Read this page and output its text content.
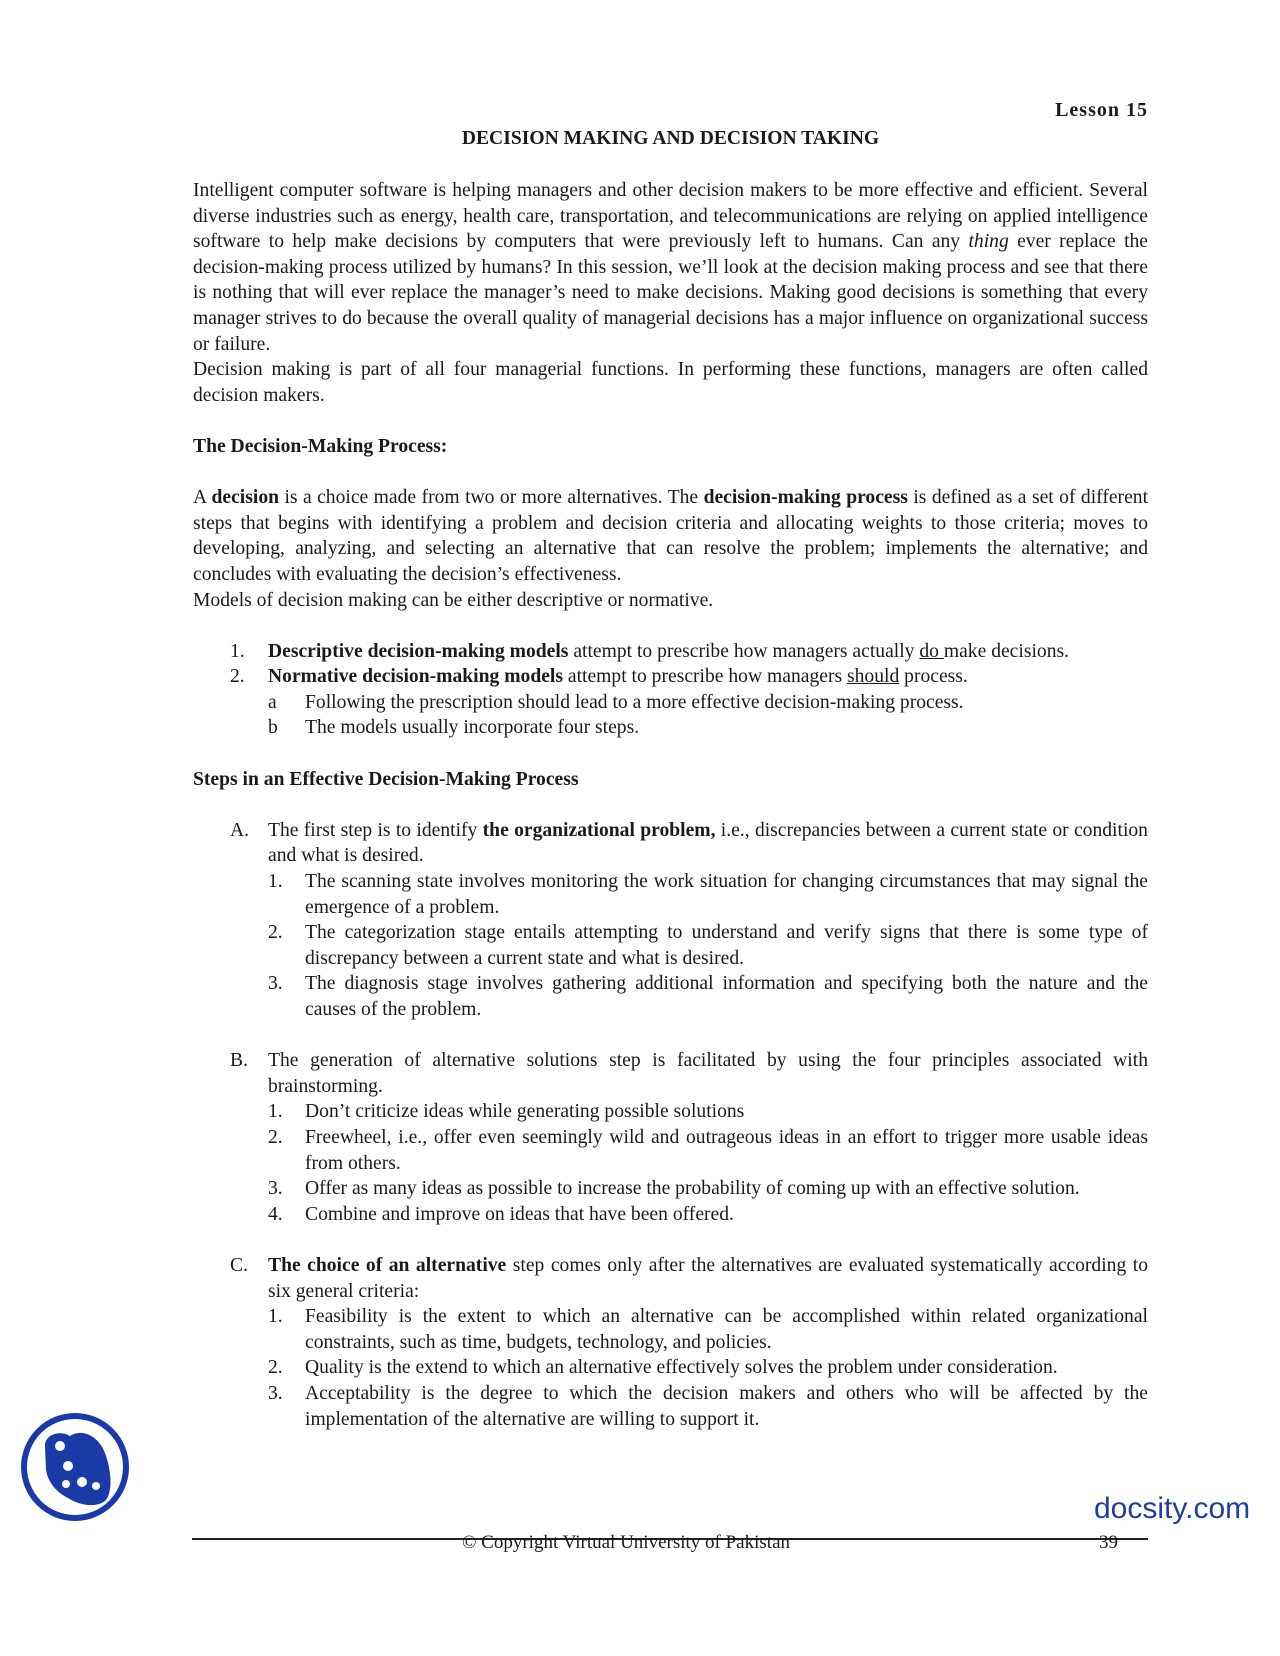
Lesson 15
DECISION MAKING AND DECISION TAKING

Intelligent computer software is helping managers and other decision makers to be more effective and efficient. Several diverse industries such as energy, health care, transportation, and telecommunications are relying on applied intelligence software to help make decisions by computers that were previously left to humans. Can any thing ever replace the decision-making process utilized by humans? In this session, we’ll look at the decision making process and see that there is nothing that will ever replace the manager’s need to make decisions. Making good decisions is something that every manager strives to do because the overall quality of managerial decisions has a major influence on organizational success or failure.

Decision making is part of all four managerial functions. In performing these functions, managers are often called decision makers.

The Decision-Making Process:

A decision is a choice made from two or more alternatives. The decision-making process is defined as a set of different steps that begins with identifying a problem and decision criteria and allocating weights to those criteria; moves to developing, analyzing, and selecting an alternative that can resolve the problem; implements the alternative; and concludes with evaluating the decision’s effectiveness.

Models of decision making can be either descriptive or normative.

1. Descriptive decision-making models attempt to prescribe how managers actually do make decisions.
2. Normative decision-making models attempt to prescribe how managers should process.
a Following the prescription should lead to a more effective decision-making process.
b The models usually incorporate four steps.
Steps in an Effective Decision-Making Process
A. The first step is to identify the organizational problem, i.e., discrepancies between a current state or condition and what is desired.
1. The scanning state involves monitoring the work situation for changing circumstances that may signal the emergence of a problem.
2. The categorization stage entails attempting to understand and verify signs that there is some type of discrepancy between a current state and what is desired.
3. The diagnosis stage involves gathering additional information and specifying both the nature and the causes of the problem.
B. The generation of alternative solutions step is facilitated by using the four principles associated with brainstorming.
1. Don’t criticize ideas while generating possible solutions
2. Freewheel, i.e., offer even seemingly wild and outrageous ideas in an effort to trigger more usable ideas from others.
3. Offer as many ideas as possible to increase the probability of coming up with an effective solution.
4. Combine and improve on ideas that have been offered.
C. The choice of an alternative step comes only after the alternatives are evaluated systematically according to six general criteria:
1. Feasibility is the extent to which an alternative can be accomplished within related organizational constraints, such as time, budgets, technology, and policies.
2. Quality is the extend to which an alternative effectively solves the problem under consideration.
3. Acceptability is the degree to which the decision makers and others who will be affected by the implementation of the alternative are willing to support it.
© Copyright Virtual University of Pakistan	39
docsity.com
